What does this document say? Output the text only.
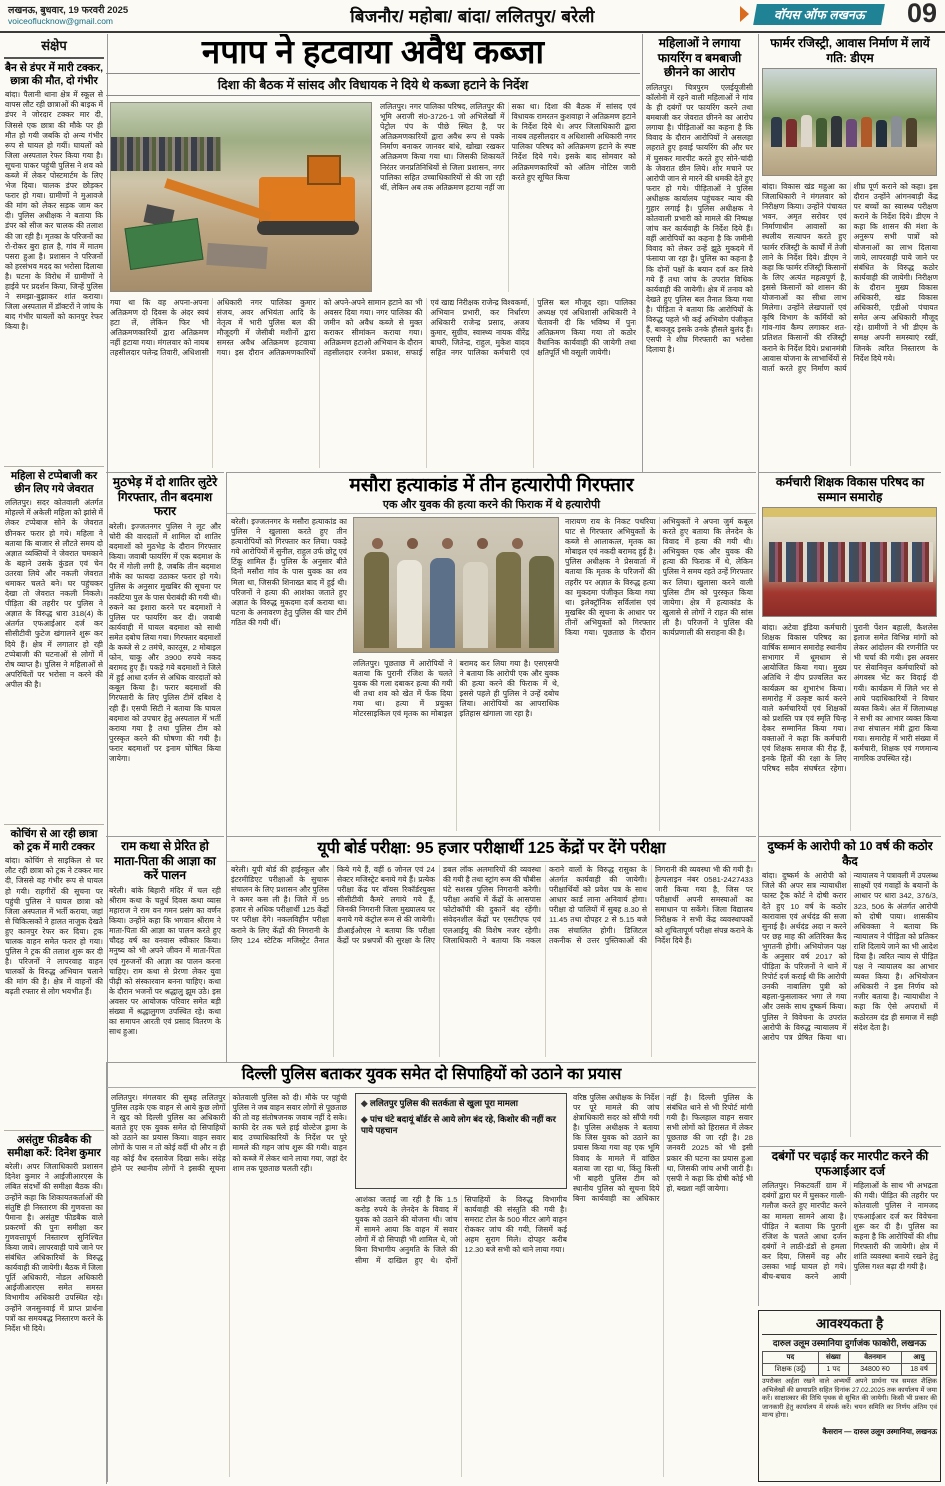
लखनऊ, बुधवार, 19 फरवरी 2025
voiceoflucknow@gmail.com	बिजनौर/ महोबा/ बांदा/ ललितपुर/ बरेली	वॉयस ऑफ लखनऊ 09
संक्षेप
बैन से डंपर में मारी टक्कर, छात्रा की मौत, दो गंभीर

बांदा। पैलानी थाना क्षेत्र में स्कूल से वापस लौट रही छात्राओं की बाइक में डंपर ने जोरदार टक्कर मार दी, जिससे एक छात्रा की मौके पर ही मौत हो गयी जबकि दो अन्य गंभीर रूप से घायल हो गयीं। घायलों को जिला अस्पताल रेफर किया गया है। सूचना पाकर पहुंची पुलिस ने शव को कब्जे में लेकर पोस्टमार्टम के लिए भेज दिया। चालक डंपर छोड़कर फरार हो गया। ग्रामीणों ने मुआवजे की मांग को लेकर सड़क जाम कर दी। पुलिस अधीक्षक ने बताया कि डंपर को सीज कर चालक की तलाश की जा रही है। मृतका के परिजनों का रो-रोकर बुरा हाल है, गांव में मातम पसरा हुआ है। प्रशासन ने परिजनों को हरसंभव मदद का भरोसा दिलाया है। घटना के विरोध में ग्रामीणों ने हाईवे पर प्रदर्शन किया, जिन्हें पुलिस ने समझा-बुझाकर शांत कराया। जिला अस्पताल में डॉक्टरों ने जांच के बाद गंभीर घायलों को कानपुर रेफर किया है।

महिला से टप्पेबाजी कर छीन लिए गये जेवरात

ललितपुर। सदर कोतवाली अंतर्गत मोहल्ले में अकेली महिला को झांसे में लेकर टप्पेबाज सोने के जेवरात छीनकर फरार हो गये। महिला ने बताया कि बाजार से लौटते समय दो अज्ञात व्यक्तियों ने जेवरात चमकाने के बहाने उसके कुंडल एवं चेन उतरवा लिये और नकली जेवरात थमाकर चलते बने। घर पहुंचकर देखा तो जेवरात नकली निकले। पीड़िता की तहरीर पर पुलिस ने अज्ञात के विरुद्ध धारा 318(4) के अंतर्गत एफआईआर दर्ज कर सीसीटीवी फुटेज खंगालने शुरू कर दिये हैं। क्षेत्र में लगातार हो रही टप्पेबाजी की घटनाओं से लोगों में रोष व्याप्त है। पुलिस ने महिलाओं से अपरिचितों पर भरोसा न करने की अपील की है।

कोचिंग से आ रही छात्रा को ट्रक में मारी टक्कर

बांदा। कोचिंग से साइकिल से घर लौट रही छात्रा को ट्रक ने टक्कर मार दी, जिससे वह गंभीर रूप से घायल हो गयी। राहगीरों की सूचना पर पहुंची पुलिस ने घायल छात्रा को जिला अस्पताल में भर्ती कराया, जहां से चिकित्सकों ने हालत नाजुक देखते हुए कानपुर रेफर कर दिया। ट्रक चालक वाहन समेत फरार हो गया। पुलिस ने ट्रक की तलाश शुरू कर दी है। परिजनों ने लापरवाह वाहन चालकों के विरुद्ध अभियान चलाने की मांग की है। क्षेत्र में वाहनों की बढ़ती रफ्तार से लोग भयभीत हैं।

असंतुष्ट फीडबैक की समीक्षा करें: दिनेश कुमार

बरेली। अपर जिलाधिकारी प्रशासन दिनेश कुमार ने आईजीआरएस के लंबित संदर्भों की समीक्षा बैठक की। उन्होंने कहा कि शिकायतकर्ताओं की संतुष्टि ही निस्तारण की गुणवत्ता का पैमाना है। असंतुष्ट फीडबैक वाले प्रकरणों की पुनः समीक्षा कर गुणवत्तापूर्ण निस्तारण सुनिश्चित किया जाये। लापरवाही पाये जाने पर संबंधित अधिकारियों के विरुद्ध कार्यवाही की जायेगी। बैठक में जिला पूर्ति अधिकारी, नोडल अधिकारी आईजीआरएस समेत समस्त विभागीय अधिकारी उपस्थित रहे। उन्होंने जनसुनवाई में प्राप्त प्रार्थना पत्रों का समयबद्ध निस्तारण करने के निर्देश भी दिये।

नपाप ने हटवाया अवैध कब्जा

दिशा की बैठक में सांसद और विधायक ने दिये थे कब्जा हटाने के निर्देश

ललितपुर। नगर पालिका परिषद, ललितपुर की भूमि अराजी सं0-3726-1 जो अभिलेखों में पेट्रोल पंप के पीछे स्थित है, पर अतिक्रमणकारियों द्वारा अवैध रूप से पक्के निर्माण बनाकर जानवर बांधे, खोखा रखकर अतिक्रमण किया गया था। जिसकी शिकायतें निरंतर जनप्रतिनिधियों से जिला प्रशासन, नगर पालिका सहित उच्चाधिकारियों से की जा रही थीं, लेकिन अब तक अतिक्रमण हटाया नहीं जा सका था। दिशा की बैठक में सांसद एवं विधायक रामरतन कुशवाहा ने अतिक्रमण हटाने के निर्देश दिये थे। अपर जिलाधिकारी द्वारा नायब तहसीलदार व अधिशासी अधिकारी नगर पालिका परिषद को अतिक्रमण हटाने के स्पष्ट निर्देश दिये गये। इसके बाद सोमवार को अतिक्रमणकारियों को अंतिम नोटिस जारी करते हुए सूचित किया

गया था कि वह अपना-अपना अतिक्रमण दो दिवस के अंदर स्वयं हटा लें, लेकिन फिर भी अतिक्रमणकारियों द्वारा अतिक्रमण नहीं हटाया गया। मंगलवार को नायब तहसीलदार पलेन्द्र तिवारी, अधिशासी अधिकारी नगर पालिका कुमार संजय, अवर अभियंता आदि के नेतृत्व में भारी पुलिस बल की मौजूदगी में जेसीबी मशीनों द्वारा समस्त अवैध अतिक्रमण हटवाया गया। इस दौरान अतिक्रमणकारियों को अपने-अपने सामान हटाने का भी अवसर दिया गया। नगर पालिका की जमीन को अवैध कब्जे से मुक्त कराकर सीमांकन कराया गया। अतिक्रमण हटाओ अभियान के दौरान तहसीलदार रजनेश प्रकाश, सफाई एवं खाद्य निरीक्षक राजेन्द्र विश्वकर्मा, अभियान प्रभारी, कर निर्धारण अधिकारी राजेन्द्र प्रसाद, अजय कुमार, सुग्रीव, स्वास्थ्य नायक वीरेंद्र बाघरी, जितेन्द्र, राहुल, मुकेश यादव सहित नगर पालिका कर्मचारी एवं पुलिस बल मौजूद रहा। पालिका अध्यक्ष एवं अधिशासी अधिकारी ने चेतावनी दी कि भविष्य में पुनः अतिक्रमण किया गया तो कठोर वैधानिक कार्यवाही की जायेगी तथा क्षतिपूर्ति भी वसूली जायेगी।

महिलाओं ने लगाया फायरिंग व बमबाजी छीनने का आरोप

ललितपुर। चित्रपुरम एलईयूजीसी कॉलोनी में रहने वाली महिलाओं ने गांव के ही दबंगों पर फायरिंग करने तथा बमबाजी कर जेवरात छीनने का आरोप लगाया है। पीड़िताओं का कहना है कि विवाद के दौरान आरोपियों ने असलहा लहराते हुए हवाई फायरिंग की और घर में घुसकर मारपीट करते हुए सोने-चांदी के जेवरात छीन लिये। शोर मचाने पर आरोपी जान से मारने की धमकी देते हुए फरार हो गये। पीड़िताओं ने पुलिस अधीक्षक कार्यालय पहुंचकर न्याय की गुहार लगाई है। पुलिस अधीक्षक ने कोतवाली प्रभारी को मामले की निष्पक्ष जांच कर कार्यवाही के निर्देश दिये हैं। वहीं आरोपियों का कहना है कि जमीनी विवाद को लेकर उन्हें झूठे मुकदमे में फंसाया जा रहा है। पुलिस का कहना है कि दोनों पक्षों के बयान दर्ज कर लिये गये हैं तथा जांच के उपरांत विधिक कार्यवाही की जायेगी। क्षेत्र में तनाव को देखते हुए पुलिस बल तैनात किया गया है। पीड़िता ने बताया कि आरोपियों के विरुद्ध पहले भी कई अभियोग पंजीकृत हैं, बावजूद इसके उनके हौसले बुलंद हैं। एसपी ने शीघ्र गिरफ्तारी का भरोसा दिलाया है।

फार्मर रजिस्ट्री, आवास निर्माण में लायें गति: डीएम

बांदा। विकास खंड महुआ का जिलाधिकारी ने मंगलवार को निरीक्षण किया। उन्होंने पंचायत भवन, अमृत सरोवर एवं निर्माणाधीन आवासों का स्थलीय सत्यापन करते हुए फार्मर रजिस्ट्री के कार्यों में तेजी लाने के निर्देश दिये। डीएम ने कहा कि फार्मर रजिस्ट्री किसानों के लिए अत्यंत महत्वपूर्ण है, इससे किसानों को शासन की योजनाओं का सीधा लाभ मिलेगा। उन्होंने लेखपालों एवं कृषि विभाग के कर्मियों को गांव-गांव कैम्प लगाकर शत-प्रतिशत किसानों की रजिस्ट्री कराने के निर्देश दिये। प्रधानमंत्री आवास योजना के लाभार्थियों से वार्ता करते हुए निर्माण कार्य शीघ्र पूर्ण कराने को कहा। इस दौरान उन्होंने आंगनबाड़ी केंद्र पर बच्चों का स्वास्थ्य परीक्षण कराने के निर्देश दिये। डीएम ने कहा कि शासन की मंशा के अनुरूप सभी पात्रों को योजनाओं का लाभ दिलाया जाये, लापरवाही पाये जाने पर संबंधित के विरुद्ध कठोर कार्यवाही की जायेगी। निरीक्षण के दौरान मुख्य विकास अधिकारी, खंड विकास अधिकारी, एडीओ पंचायत समेत अन्य अधिकारी मौजूद रहे। ग्रामीणों ने भी डीएम के समक्ष अपनी समस्याएं रखीं, जिनके त्वरित निस्तारण के निर्देश दिये गये।

मुठभेड़ में दो शातिर लुटेरे गिरफ्तार, तीन बदमाश फरार

बरेली। इज्जतनगर पुलिस ने लूट और चोरी की वारदातों में शामिल दो शातिर बदमाशों को मुठभेड़ के दौरान गिरफ्तार किया। जवाबी फायरिंग में एक बदमाश के पैर में गोली लगी है, जबकि तीन बदमाश मौके का फायदा उठाकर फरार हो गये। पुलिस के अनुसार मुखबिर की सूचना पर नकटिया पुल के पास घेराबंदी की गयी थी। रुकने का इशारा करने पर बदमाशों ने पुलिस पर फायरिंग कर दी। जवाबी कार्यवाही में घायल बदमाश को साथी समेत दबोच लिया गया। गिरफ्तार बदमाशों के कब्जे से 2 तमंचे, कारतूस, 2 मोबाइल फोन, चाकू और 3900 रुपये नकद बरामद हुए हैं। पकड़े गये बदमाशों ने जिले में हुई आधा दर्जन से अधिक वारदातों को कबूल किया है। फरार बदमाशों की गिरफ्तारी के लिए पुलिस टीमें दबिश दे रही हैं। एसपी सिटी ने बताया कि घायल बदमाश को उपचार हेतु अस्पताल में भर्ती कराया गया है तथा पुलिस टीम को पुरस्कृत करने की घोषणा की गयी है। फरार बदमाशों पर इनाम घोषित किया जायेगा।

मसौरा हत्याकांड में तीन हत्यारोपी गिरफ्तार

एक और युवक की हत्या करने की फिराक में थे हत्यारोपी

बरेली। इज्जतनगर के मसौरा हत्याकांड का पुलिस ने खुलासा करते हुए तीन हत्यारोपियों को गिरफ्तार कर लिया। पकड़े गये आरोपियों में सुनील, राहुल उर्फ छोटू एवं टिंकू शामिल हैं। पुलिस के अनुसार बीते दिनों मसौरा गांव के पास युवक का शव मिला था, जिसकी शिनाख्त बाद में हुई थी। परिजनों ने हत्या की आशंका जताते हुए अज्ञात के विरुद्ध मुकदमा दर्ज कराया था। घटना के अनावरण हेतु पुलिस की चार टीमें गठित की गयी थीं।

ललितपुर। पूछताछ में आरोपियों ने बताया कि पुरानी रंजिश के चलते युवक की गला दबाकर हत्या की गयी थी तथा शव को खेत में फेंक दिया गया था। हत्या में प्रयुक्त मोटरसाइकिल एवं मृतक का मोबाइल बरामद कर लिया गया है। एसएसपी ने बताया कि आरोपी एक और युवक की हत्या करने की फिराक में थे, इससे पहले ही पुलिस ने उन्हें दबोच लिया। आरोपियों का आपराधिक इतिहास खंगाला जा रहा है।

नारायण राय के निकट पथरिया घाट से गिरफ्तार अभियुक्तों के कब्जे से आलाकत्ल, मृतक का मोबाइल एवं नकदी बरामद हुई है। पुलिस अधीक्षक ने प्रेसवार्ता में बताया कि मृतक के परिजनों की तहरीर पर अज्ञात के विरुद्ध हत्या का मुकदमा पंजीकृत किया गया था। इलेक्ट्रॉनिक सर्विलांस एवं मुखबिर की सूचना के आधार पर तीनों अभियुक्तों को गिरफ्तार किया गया। पूछताछ के दौरान अभियुक्तों ने अपना जुर्म कबूल करते हुए बताया कि लेनदेन के विवाद में हत्या की गयी थी। अभियुक्त एक और युवक की हत्या की फिराक में थे, लेकिन पुलिस ने समय रहते उन्हें गिरफ्तार कर लिया। खुलासा करने वाली पुलिस टीम को पुरस्कृत किया जायेगा। क्षेत्र में हत्याकांड के खुलासे से लोगों ने राहत की सांस ली है। परिजनों ने पुलिस की कार्यप्रणाली की सराहना की है।

कर्मचारी शिक्षक विकास परिषद का सम्मान समारोह

बांदा। अटेवा इंडिया कर्मचारी शिक्षक विकास परिषद का वार्षिक सम्मान समारोह स्थानीय सभागार में धूमधाम से आयोजित किया गया। मुख्य अतिथि ने दीप प्रज्वलित कर कार्यक्रम का शुभारंभ किया। समारोह में उत्कृष्ट कार्य करने वाले कर्मचारियों एवं शिक्षकों को प्रशस्ति पत्र एवं स्मृति चिन्ह देकर सम्मानित किया गया। वक्ताओं ने कहा कि कर्मचारी एवं शिक्षक समाज की रीढ़ हैं, इनके हितों की रक्षा के लिए परिषद सदैव संघर्षरत रहेगा। पुरानी पेंशन बहाली, कैशलेस इलाज समेत विभिन्न मांगों को लेकर आंदोलन की रणनीति पर भी चर्चा की गयी। इस अवसर पर सेवानिवृत्त कर्मचारियों को अंगवस्त्र भेंट कर विदाई दी गयी। कार्यक्रम में जिले भर से आये पदाधिकारियों ने विचार व्यक्त किये। अंत में जिलाध्यक्ष ने सभी का आभार व्यक्त किया तथा संचालन मंत्री द्वारा किया गया। समारोह में भारी संख्या में कर्मचारी, शिक्षक एवं गणमान्य नागरिक उपस्थित रहे।

राम कथा से प्रेरित हो माता-पिता की आज्ञा का करें पालन

बरेली। बांके बिहारी मंदिर में चल रही श्रीराम कथा के चतुर्थ दिवस कथा व्यास महाराज ने राम वन गमन प्रसंग का वर्णन किया। उन्होंने कहा कि भगवान श्रीराम ने माता-पिता की आज्ञा का पालन करते हुए चौदह वर्ष का वनवास स्वीकार किया। मनुष्य को भी अपने जीवन में माता-पिता एवं गुरुजनों की आज्ञा का पालन करना चाहिए। राम कथा से प्रेरणा लेकर युवा पीढ़ी को संस्कारवान बनना चाहिए। कथा के दौरान भजनों पर श्रद्धालु झूम उठे। इस अवसर पर आयोजक परिवार समेत बड़ी संख्या में श्रद्धालुगण उपस्थित रहे। कथा का समापन आरती एवं प्रसाद वितरण के साथ हुआ।

यूपी बोर्ड परीक्षा: 95 हजार परीक्षार्थी 125 केंद्रों पर देंगे परीक्षा

बरेली। यूपी बोर्ड की हाईस्कूल और इंटरमीडिएट परीक्षाओं के सुचारू संचालन के लिए प्रशासन और पुलिस ने कमर कस ली है। जिले में 95 हजार से अधिक परीक्षार्थी 125 केंद्रों पर परीक्षा देंगे। नकलविहीन परीक्षा कराने के लिए केंद्रों की निगरानी के लिए 124 स्टेटिक मजिस्ट्रेट तैनात किये गये हैं, वहीं 6 जोनल एवं 24 सेक्टर मजिस्ट्रेट बनाये गये हैं। प्रत्येक परीक्षा केंद्र पर वॉयस रिकॉर्डरयुक्त सीसीटीवी कैमरे लगाये गये हैं, जिनकी निगरानी जिला मुख्यालय पर बनाये गये कंट्रोल रूम से की जायेगी। डीआईओएस ने बताया कि परीक्षा केंद्रों पर प्रश्नपत्रों की सुरक्षा के लिए डबल लॉक अलमारियों की व्यवस्था की गयी है तथा स्ट्रांग रूम की चौबीस घंटे सशस्त्र पुलिस निगरानी करेगी। परीक्षा अवधि में केंद्रों के आसपास फोटोकॉपी की दुकानें बंद रहेंगी। संवेदनशील केंद्रों पर एसटीएफ एवं एलआईयू की विशेष नजर रहेगी। जिलाधिकारी ने बताया कि नकल कराने वालों के विरुद्ध रासुका के अंतर्गत कार्यवाही की जायेगी। परीक्षार्थियों को प्रवेश पत्र के साथ आधार कार्ड लाना अनिवार्य होगा। परीक्षा दो पालियों में सुबह 8.30 से 11.45 तथा दोपहर 2 से 5.15 बजे तक संचालित होगी। डिजिटल तकनीक से उत्तर पुस्तिकाओं की निगरानी की व्यवस्था भी की गयी है। हेल्पलाइन नंबर 0581-2427433 जारी किया गया है, जिस पर परीक्षार्थी अपनी समस्याओं का समाधान पा सकेंगे। जिला विद्यालय निरीक्षक ने सभी केंद्र व्यवस्थापकों को शुचितापूर्ण परीक्षा संपन्न कराने के निर्देश दिये हैं।

दुष्कर्म के आरोपी को 10 वर्ष की कठोर कैद

बांदा। दुष्कर्म के आरोपी को जिले की अपर सत्र न्यायाधीश फास्ट ट्रैक कोर्ट ने दोषी करार देते हुए 10 वर्ष के कठोर कारावास एवं अर्थदंड की सजा सुनाई है। अर्थदंड अदा न करने पर छह माह की अतिरिक्त कैद भुगतनी होगी। अभियोजन पक्ष के अनुसार वर्ष 2017 को पीड़िता के परिजनों ने थाने में रिपोर्ट दर्ज कराई थी कि आरोपी उनकी नाबालिग पुत्री को बहला-फुसलाकर भगा ले गया और उसके साथ दुष्कर्म किया। पुलिस ने विवेचना के उपरांत आरोपी के विरुद्ध न्यायालय में आरोप पत्र प्रेषित किया था। न्यायालय ने पत्रावली में उपलब्ध साक्ष्यों एवं गवाहों के बयानों के आधार पर धारा 342, 376/3, 323, 506 के अंतर्गत आरोपी को दोषी पाया। शासकीय अधिवक्ता ने बताया कि न्यायालय ने पीड़िता को प्रतिकर राशि दिलाये जाने का भी आदेश दिया है। त्वरित न्याय से पीड़ित पक्ष ने न्यायालय का आभार व्यक्त किया है। अभियोजन अधिकारी ने इस निर्णय को नजीर बताया है। न्यायाधीश ने कहा कि ऐसे अपराधों में कठोरतम दंड ही समाज में सही संदेश देता है।

दिल्ली पुलिस बताकर युवक समेत दो सिपाहियों को उठाने का प्रयास

ललितपुर। मंगलवार की सुबह ललितपुर पुलिस तड़के एक वाहन से आये कुछ लोगों ने खुद को दिल्ली पुलिस का अधिकारी बताते हुए एक युवक समेत दो सिपाहियों को उठाने का प्रयास किया। वाहन सवार लोगों के पास न तो कोई वर्दी थी और न ही वह कोई वैध दस्तावेज दिखा सके। संदेह होने पर स्थानीय लोगों ने इसकी सूचना कोतवाली पुलिस को दी। मौके पर पहुंची पुलिस ने जब वाहन सवार लोगों से पूछताछ की तो वह संतोषजनक जवाब नहीं दे सके। काफी देर तक चले हाई वोल्टेज ड्रामा के बाद उच्चाधिकारियों के निर्देश पर पूरे मामले की गहन जांच शुरू की गयी। वाहन को कब्जे में लेकर थाने लाया गया, जहां देर शाम तक पूछताछ चलती रही।

◆ ललितपुर पुलिस की सतर्कता से खुला पूरा मामला

◆ पांच घंटे बदायूं बॉर्डर से आये लोग बंद रहे, किशोर की नहीं कर पाये पहचान

आशंका जताई जा रही है कि 1.5 करोड़ रुपये के लेनदेन के विवाद में युवक को उठाने की योजना थी। जांच में सामने आया कि वाहन में सवार लोगों में दो सिपाही भी शामिल थे, जो बिना विभागीय अनुमति के जिले की सीमा में दाखिल हुए थे। दोनों सिपाहियों के विरुद्ध विभागीय कार्यवाही की संस्तुति की गयी है। समराट टोल के 500 मीटर आगे वाहन रोककर जांच की गयी, जिसमें कई अहम सुराग मिले। दोपहर करीब 12.30 बजे सभी को थाने लाया गया।

वरिष्ठ पुलिस अधीक्षक के निर्देश पर पूरे मामले की जांच क्षेत्राधिकारी सदर को सौंपी गयी है। पुलिस अधीक्षक ने बताया कि जिस युवक को उठाने का प्रयास किया गया वह एक भूमि विवाद के मामले में वांछित बताया जा रहा था, किंतु किसी भी बाहरी पुलिस टीम को स्थानीय पुलिस को सूचना दिये बिना कार्यवाही का अधिकार नहीं है। दिल्ली पुलिस के संबंधित थाने से भी रिपोर्ट मांगी गयी है। फिलहाल वाहन सवार सभी लोगों को हिरासत में लेकर पूछताछ की जा रही है। 28 जनवरी 2025 को भी इसी प्रकार की घटना का प्रयास हुआ था, जिसकी जांच अभी जारी है। एसपी ने कहा कि दोषी कोई भी हो, बख्शा नहीं जायेगा।

दबंगों पर चढ़ाई कर मारपीट करने की एफआईआर दर्ज

ललितपुर। निकटवर्ती ग्राम में दबंगों द्वारा घर में घुसकर गाली-गलौज करते हुए मारपीट करने का मामला सामने आया है। पीड़ित ने बताया कि पुरानी रंजिश के चलते आधा दर्जन दबंगों ने लाठी-डंडों से हमला कर दिया, जिसमें वह और उसका भाई घायल हो गये। बीच-बचाव करने आयी महिलाओं के साथ भी अभद्रता की गयी। पीड़ित की तहरीर पर कोतवाली पुलिस ने नामजद एफआईआर दर्ज कर विवेचना शुरू कर दी है। पुलिस का कहना है कि आरोपियों की शीघ्र गिरफ्तारी की जायेगी। क्षेत्र में शांति व्यवस्था बनाये रखने हेतु पुलिस गश्त बढ़ा दी गयी है।

आवश्यकता है

दारुल उलूम उस्मानिया दुर्गाजंक फाकोरी, लखनऊ

पद	संख्या	वेतनमान	आयु
शिक्षक (उर्दू)	1 पद	34800 रु0	18 वर्ष

उपरोक्त अर्हता रखने वाले अभ्यर्थी अपने प्रार्थना पत्र समस्त शैक्षिक अभिलेखों की छायाप्रति सहित दिनांक 27.02.2025 तक कार्यालय में जमा करें। साक्षात्कार की तिथि पृथक से सूचित की जायेगी। किसी भी प्रकार की जानकारी हेतु कार्यालय में संपर्क करें। चयन समिति का निर्णय अंतिम एवं मान्य होगा।

कैसरान — दारुल उलूम उस्मानिया, लखनऊ
